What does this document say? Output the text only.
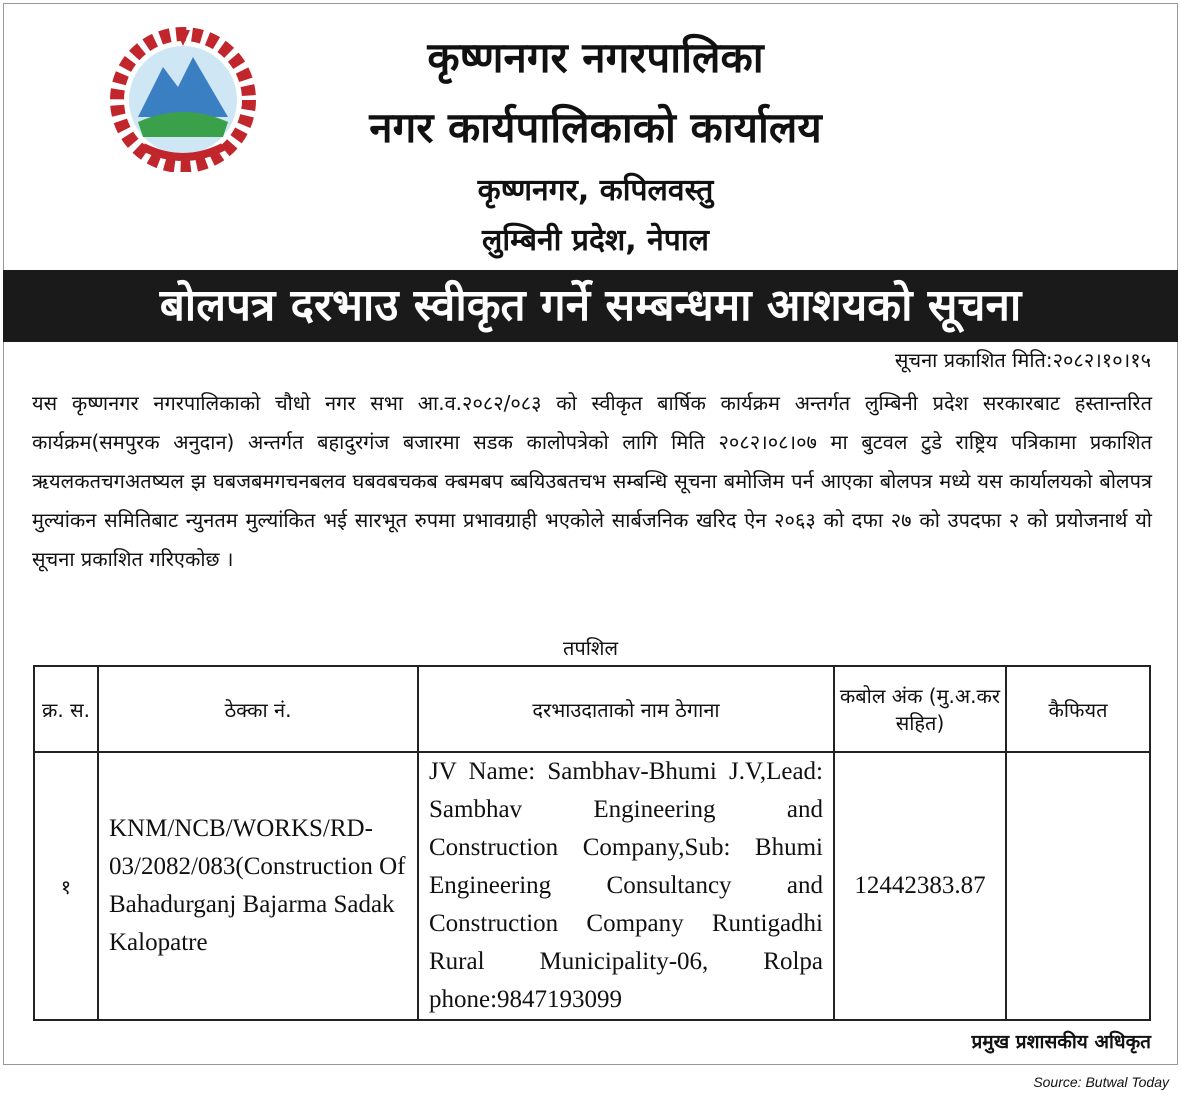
कृष्णनगर नगरपालिका
नगर कार्यपालिकाको कार्यालय
कृष्णनगर, कपिलवस्तु
लुम्बिनी प्रदेश, नेपाल
बोलपत्र दरभाउ स्वीकृत गर्ने सम्बन्धमा आशयको सूचना
सूचना प्रकाशित मिति:२०८२।१०।१५
यस कृष्णनगर नगरपालिकाको चौधो नगर सभा आ.व.२०८२/०८३ को स्वीकृत बार्षिक कार्यक्रम अन्तर्गत लुम्बिनी प्रदेश सरकारबाट हस्तान्तरित कार्यक्रम(समपुरक अनुदान) अन्तर्गत बहादुरगंज बजारमा सडक कालोपत्रेको लागि मिति २०८२।०८।०७ मा बुटवल टुडे राष्ट्रिय पत्रिकामा प्रकाशित ऋयलकतचगअतष्यल झ घबजबमगचनबलव घबवबचकब क्बमबप ब्बयिउबतचभ सम्बन्धि सूचना बमोजिम पर्न आएका बोलपत्र मध्ये यस कार्यालयको बोलपत्र मुल्यांकन समितिबाट न्युनतम मुल्यांकित भई सारभूत रुपमा प्रभावग्राही भएकोले सार्बजनिक खरिद ऐन २०६३ को दफा २७ को उपदफा २ को प्रयोजनार्थ यो सूचना प्रकाशित गरिएकोछ ।
तपशिल
क्र. स.	ठेक्का नं.	दरभाउदाताको नाम ठेगाना	कबोल अंक (मु.अ.कर सहित)	कैफियत
१	KNM/NCB/WORKS/RD-03/2082/083(Construction Of Bahadurganj Bajarma Sadak Kalopatre	JV Name: Sambhav-Bhumi J.V,Lead: Sambhav Engineering and Construction Company,Sub: Bhumi Engineering Consultancy and Construction Company Runtigadhi Rural Municipality-06, Rolpa phone:9847193099	12442383.87	
प्रमुख प्रशासकीय अधिकृत
Source: Butwal Today
